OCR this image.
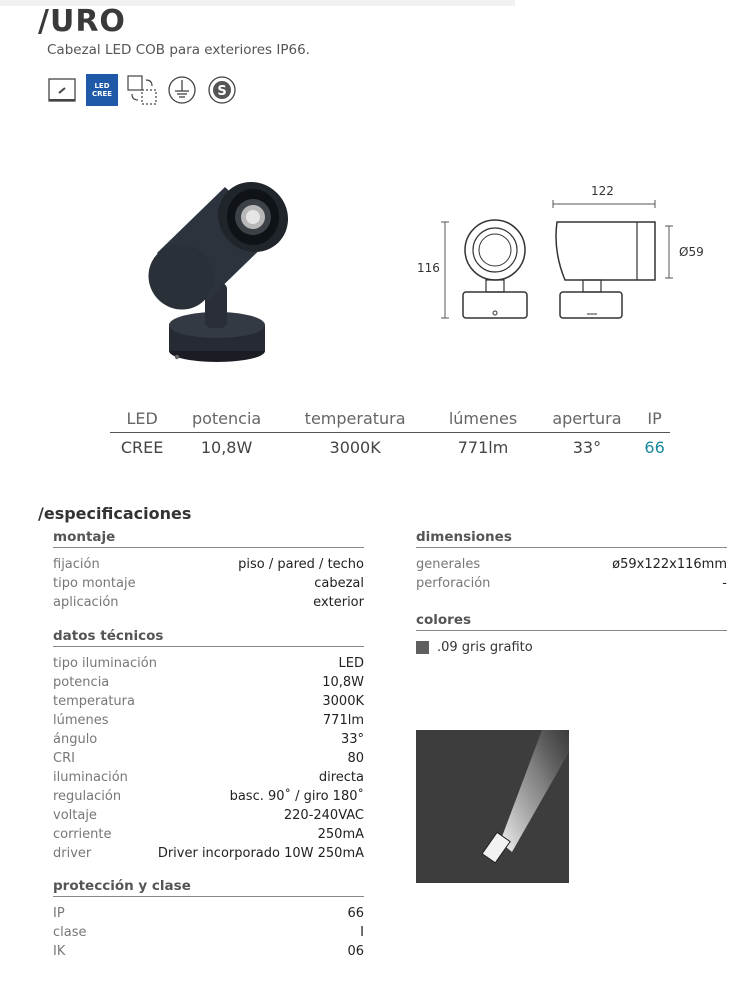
/URO
Cabezal LED COB para exteriores IP66.
LED
CREE	S
122
116
Ø59
LED	potencia	temperatura	lúmenes	apertura	IP
CREE	10,8W	3000K	771lm	33°	66
/especificaciones
montaje
fijación	piso / pared / techo
tipo montaje	cabezal
aplicación	exterior
datos técnicos
tipo iluminación	LED
potencia	10,8W
temperatura	3000K
lúmenes	771lm
ángulo	33°
CRI	80
iluminación	directa
regulación	basc. 90˚ / giro 180˚
voltaje	220-240VAC
corriente	250mA
driver	Driver incorporado 10W 250mA
protección y clase
IP	66
clase	I
IK	06
dimensiones
generales	ø59x122x116mm
perforación	-
colores
.09 gris grafito
